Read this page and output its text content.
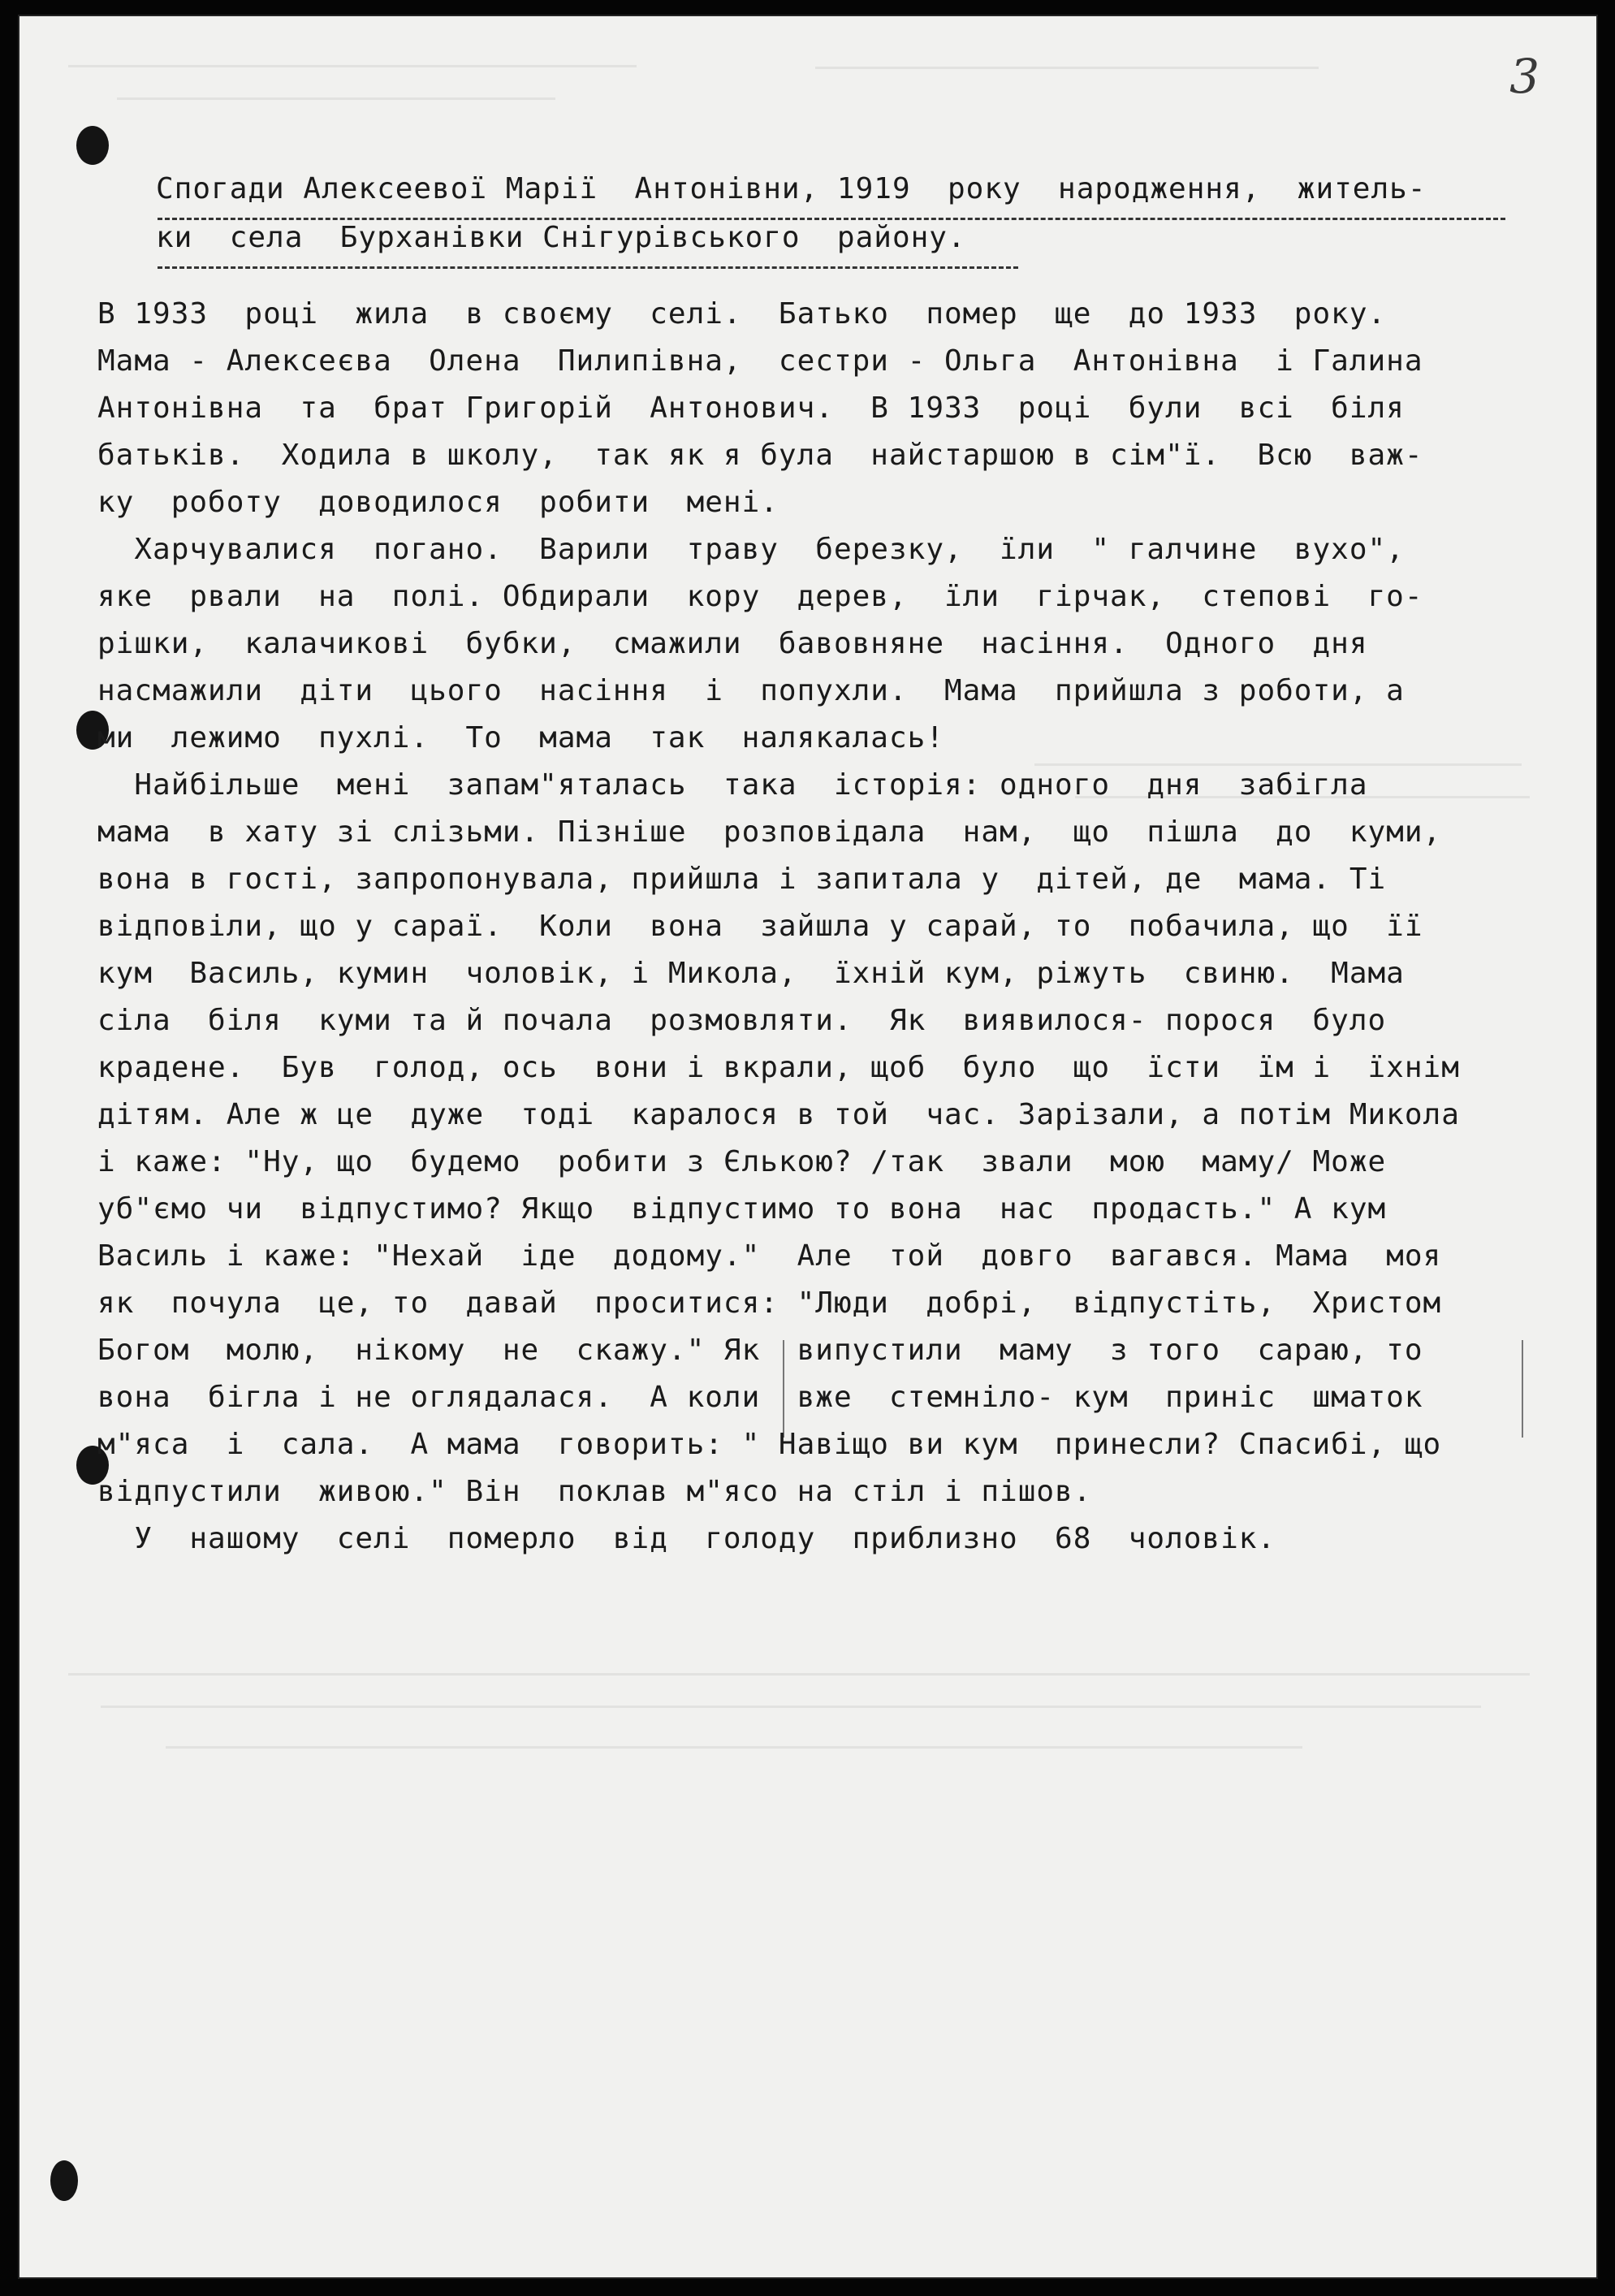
3
Спогади Алексеевої Марії  Антонівни, 1919  року  народження,  житель-
ки  села  Бурханівки Снігурівського  району.
В 1933  році  жила  в своєму  селі.  Батько  помер  ще  до 1933  року.
Мама - Алексеєва  Олена  Пилипівна,  сестри - Ольга  Антонівна  і Галина
Антонівна  та  брат Григорій  Антонович.  В 1933  році  були  всі  біля
батьків.  Ходила в школу,  так як я була  найстаршою в сім"ї.  Всю  важ-
ку  роботу  доводилося  робити  мені.
Харчувалися  погано.  Варили  траву  березку,  їли  " галчине  вухо",
яке  рвали  на  полі. Обдирали  кору  дерев,  їли  гірчак,  степові  го-
рішки,  калачикові  бубки,  смажили  бавовняне  насіння.  Одного  дня
насмажили  діти  цього  насіння  і  попухли.  Мама  прийшла з роботи, а
ми  лежимо  пухлі.  То  мама  так  налякалась!
Найбільше  мені  запам"яталась  така  історія: одного  дня  забігла
мама  в хату зі слізьми. Пізніше  розповідала  нам,  що  пішла  до  куми,
вона в гості, запропонувала, прийшла і запитала у  дітей, де  мама. Ті
відповіли, що у сараї.  Коли  вона  зайшла у сарай, то  побачила, що  її
кум  Василь, кумин  чоловік, і Микола,  їхній кум, ріжуть  свиню.  Мама
сіла  біля  куми та й почала  розмовляти.  Як  виявилося- порося  було
крадене.  Був  голод, ось  вони і вкрали, щоб  було  що  їсти  їм і  їхнім
дітям. Але ж це  дуже  тоді  каралося в той  час. Зарізали, а потім Микола
і каже: "Ну, що  будемо  робити з Єлькою? /так  звали  мою  маму/ Може
уб"ємо чи  відпустимо? Якщо  відпустимо то вона  нас  продасть." А кум
Василь і каже: "Нехай  іде  додому."  Але  той  довго  вагався. Мама  моя
як  почула  це, то  давай  проситися: "Люди  добрі,  відпустіть,  Христом
Богом  молю,  нікому  не  скажу." Як  випустили  маму  з того  сараю, то
вона  бігла і не оглядалася.  А коли  вже  стемніло- кум  приніс  шматок
м"яса  і  сала.  А мама  говорить: " Навіщо ви кум  принесли? Спасибі, що
відпустили  живою." Він  поклав м"ясо на стіл і пішов.
У  нашому  селі  померло  від  голоду  приблизно  68  чоловік.
